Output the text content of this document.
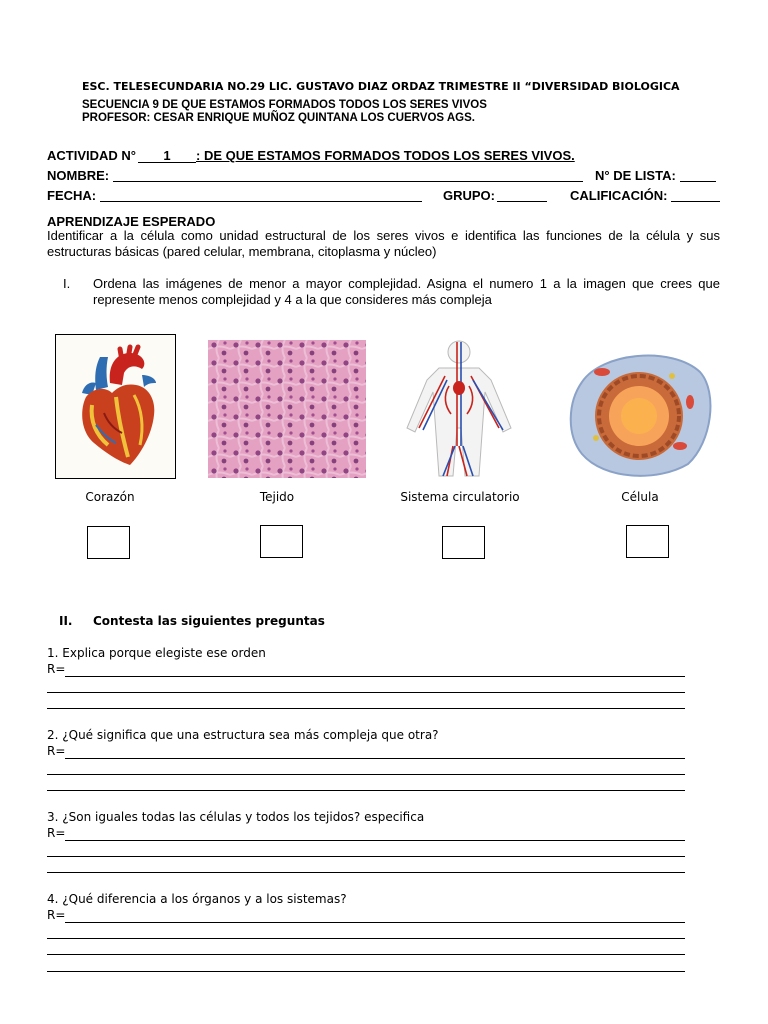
ESC. TELESECUNDARIA NO.29 LIC. GUSTAVO DIAZ ORDAZ TRIMESTRE II “DIVERSIDAD BIOLOGICA
SECUENCIA 9 DE QUE ESTAMOS FORMADOS TODOS LOS SERES VIVOS
PROFESOR: CESAR ENRIQUE MUÑOZ QUINTANA LOS CUERVOS AGS.
ACTIVIDAD N°	1	: DE QUE ESTAMOS FORMADOS TODOS LOS SERES VIVOS.
NOMBRE:	N° DE LISTA:
FECHA:	GRUPO:	CALIFICACIÓN:
APRENDIZAJE ESPERADO
Identificar a la célula como unidad estructural de los seres vivos e identifica las funciones de la célula y sus
estructuras básicas (pared celular, membrana, citoplasma y núcleo)
I. Ordena las imágenes de menor a mayor complejidad. Asigna el numero 1 a la imagen que crees que
represente menos complejidad y 4 a la que consideres más compleja
Corazón	Tejido	Sistema circulatorio	Célula
II. Contesta las siguientes preguntas
1. Explica porque elegiste ese orden
R=
2. ¿Qué significa que una estructura sea más compleja que otra?
R=
3. ¿Son iguales todas las células y todos los tejidos? especifica
R=
4. ¿Qué diferencia a los órganos y a los sistemas?
R=
